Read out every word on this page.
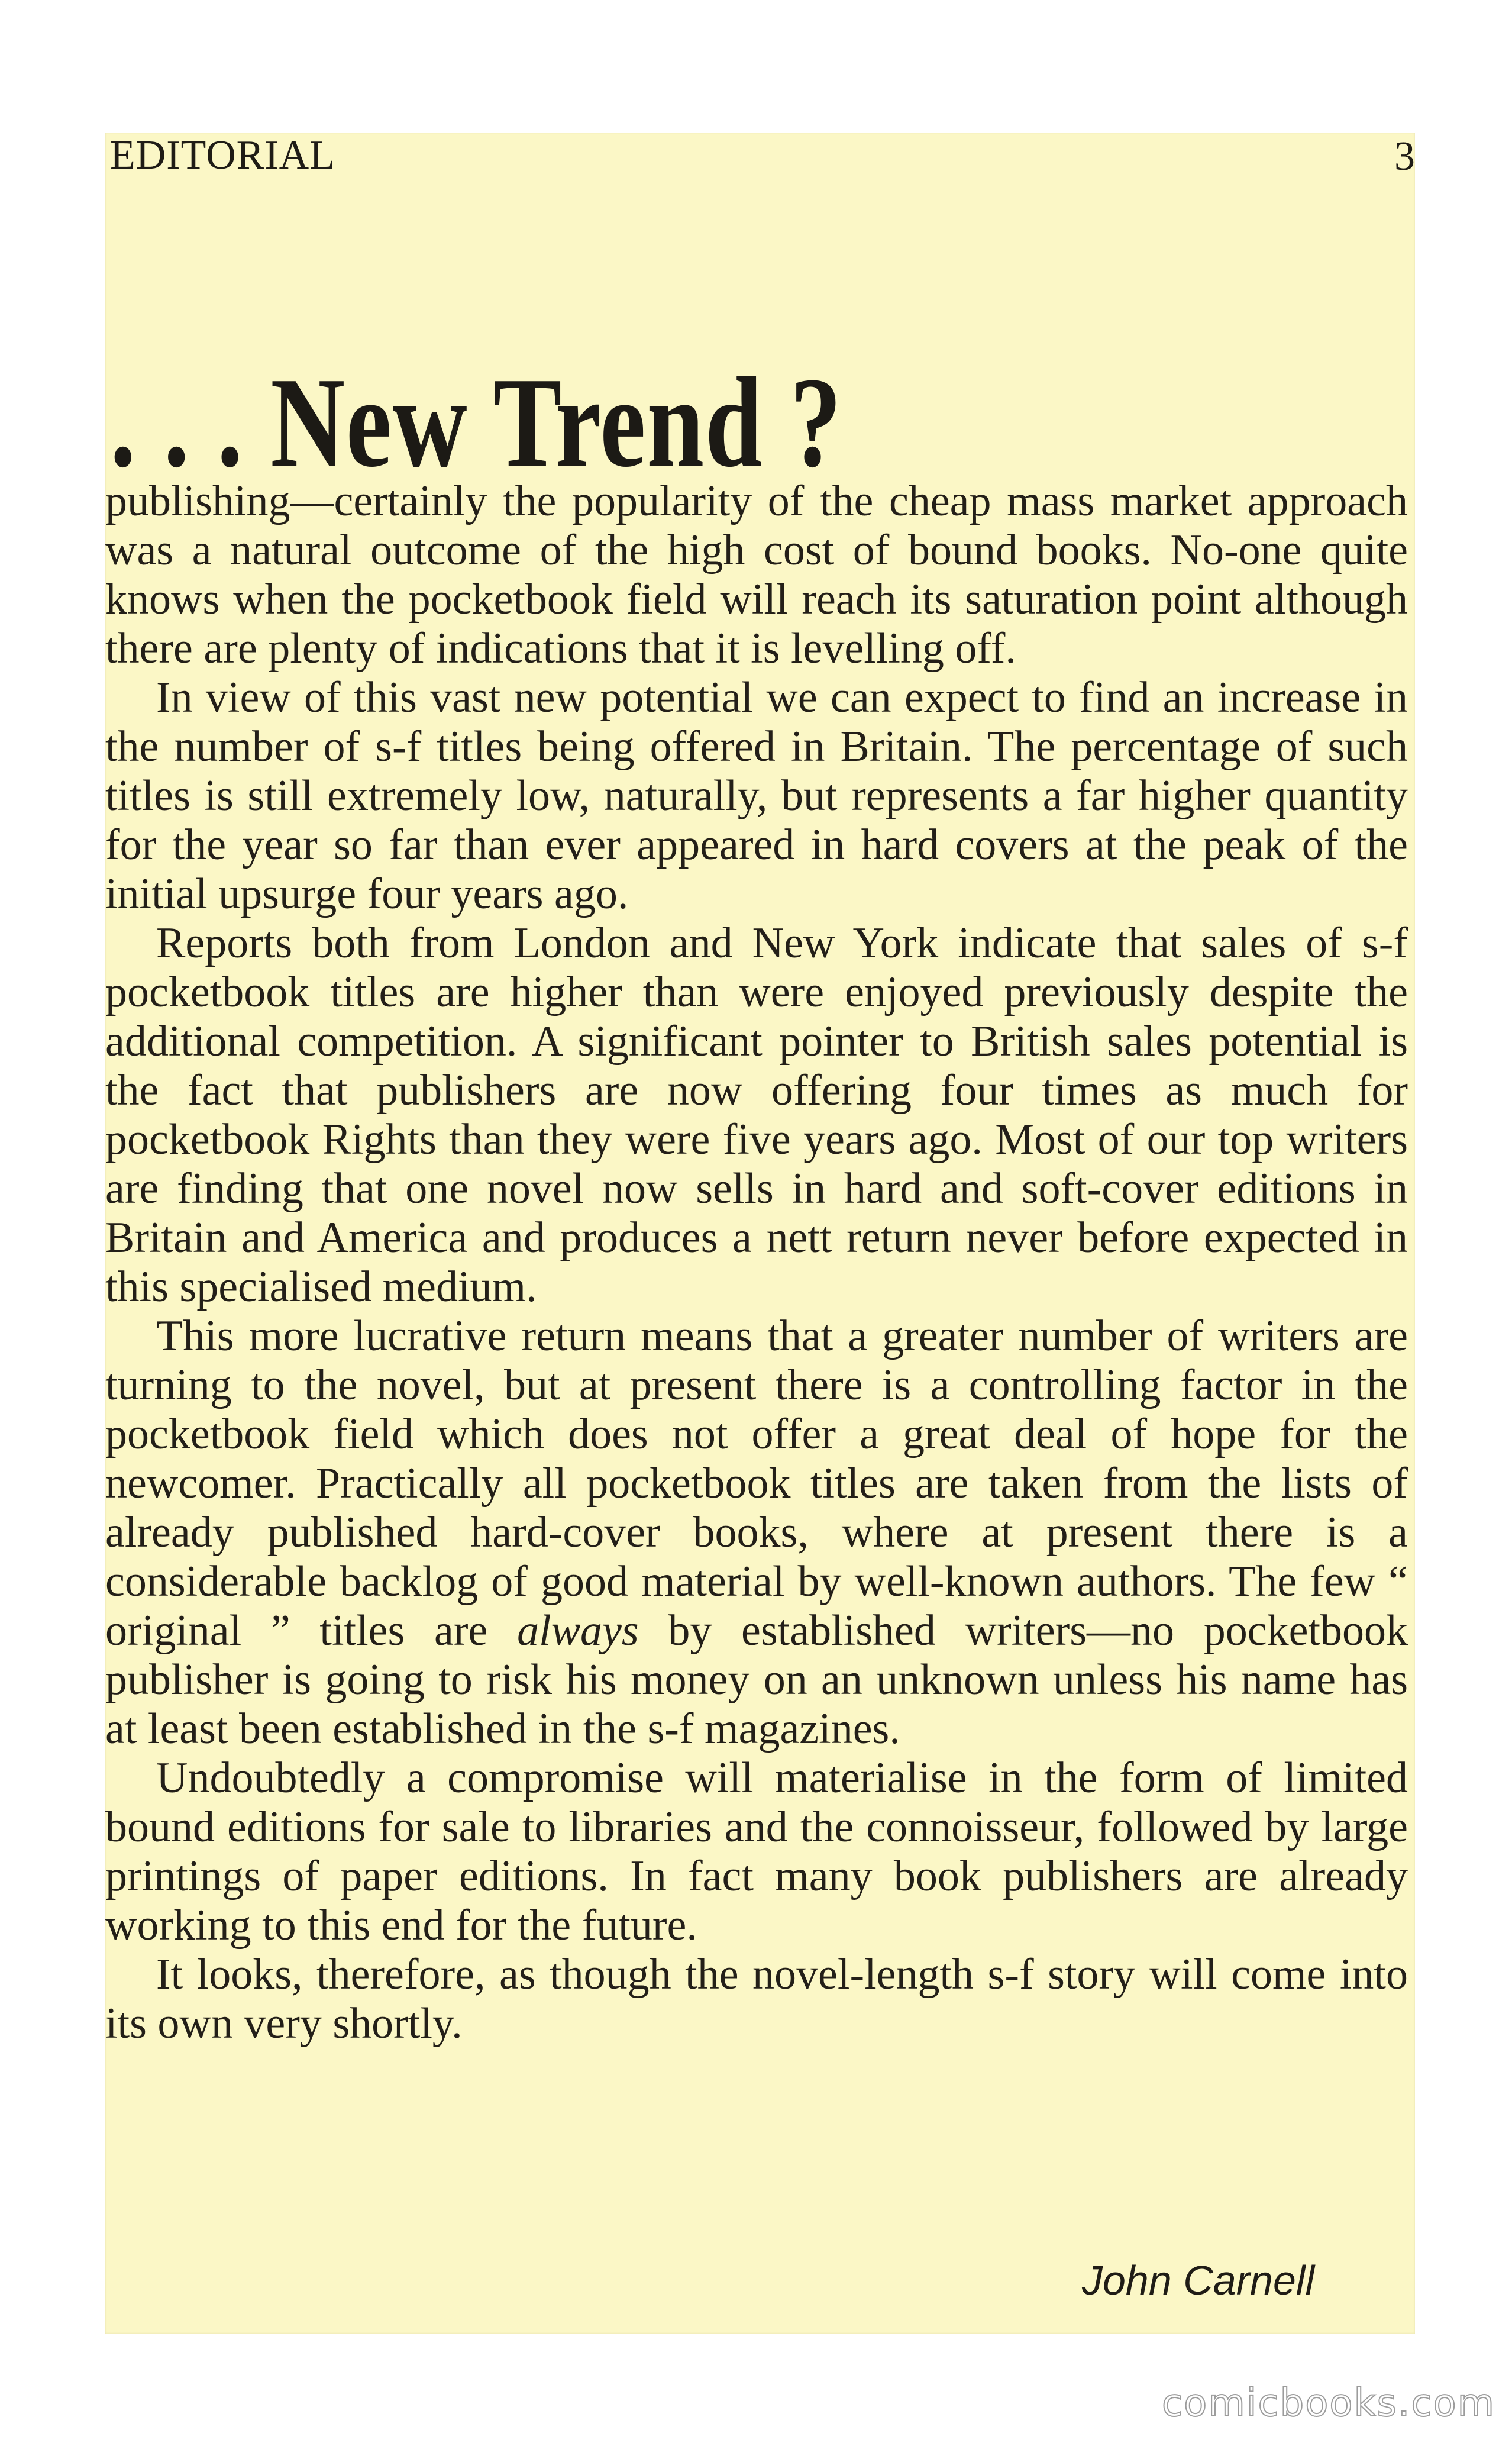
EDITORIAL	3
. . . New Trend ?

publishing—certainly the popularity of the cheap mass market approach was a natural outcome of the high cost of bound books. No-one quite knows when the pocketbook field will reach its saturation point although there are plenty of indications that it is levelling off.

In view of this vast new potential we can expect to find an increase in the number of s-f titles being offered in Britain. The percentage of such titles is still extremely low, naturally, but represents a far higher quantity for the year so far than ever appeared in hard covers at the peak of the initial upsurge four years ago.

Reports both from London and New York indicate that sales of s-f pocketbook titles are higher than were enjoyed previously despite the additional competition. A significant pointer to British sales potential is the fact that publishers are now offering four times as much for pocketbook Rights than they were five years ago. Most of our top writers are finding that one novel now sells in hard and soft-cover editions in Britain and America and produces a nett return never before expected in this specialised medium.

This more lucrative return means that a greater number of writers are turning to the novel, but at present there is a controlling factor in the pocketbook field which does not offer a great deal of hope for the newcomer. Practically all pocketbook titles are taken from the lists of already published hard-cover books, where at present there is a considerable backlog of good material by well-known authors. The few “ original ” titles are always by established writers—no pocketbook publisher is going to risk his money on an unknown unless his name has at least been established in the s-f magazines.

Undoubtedly a compromise will materialise in the form of limited bound editions for sale to libraries and the connoisseur, followed by large printings of paper editions. In fact many book publishers are already working to this end for the future.

It looks, therefore, as though the novel-length s-f story will come into its own very shortly.

John Carnell
comicbooks.com
